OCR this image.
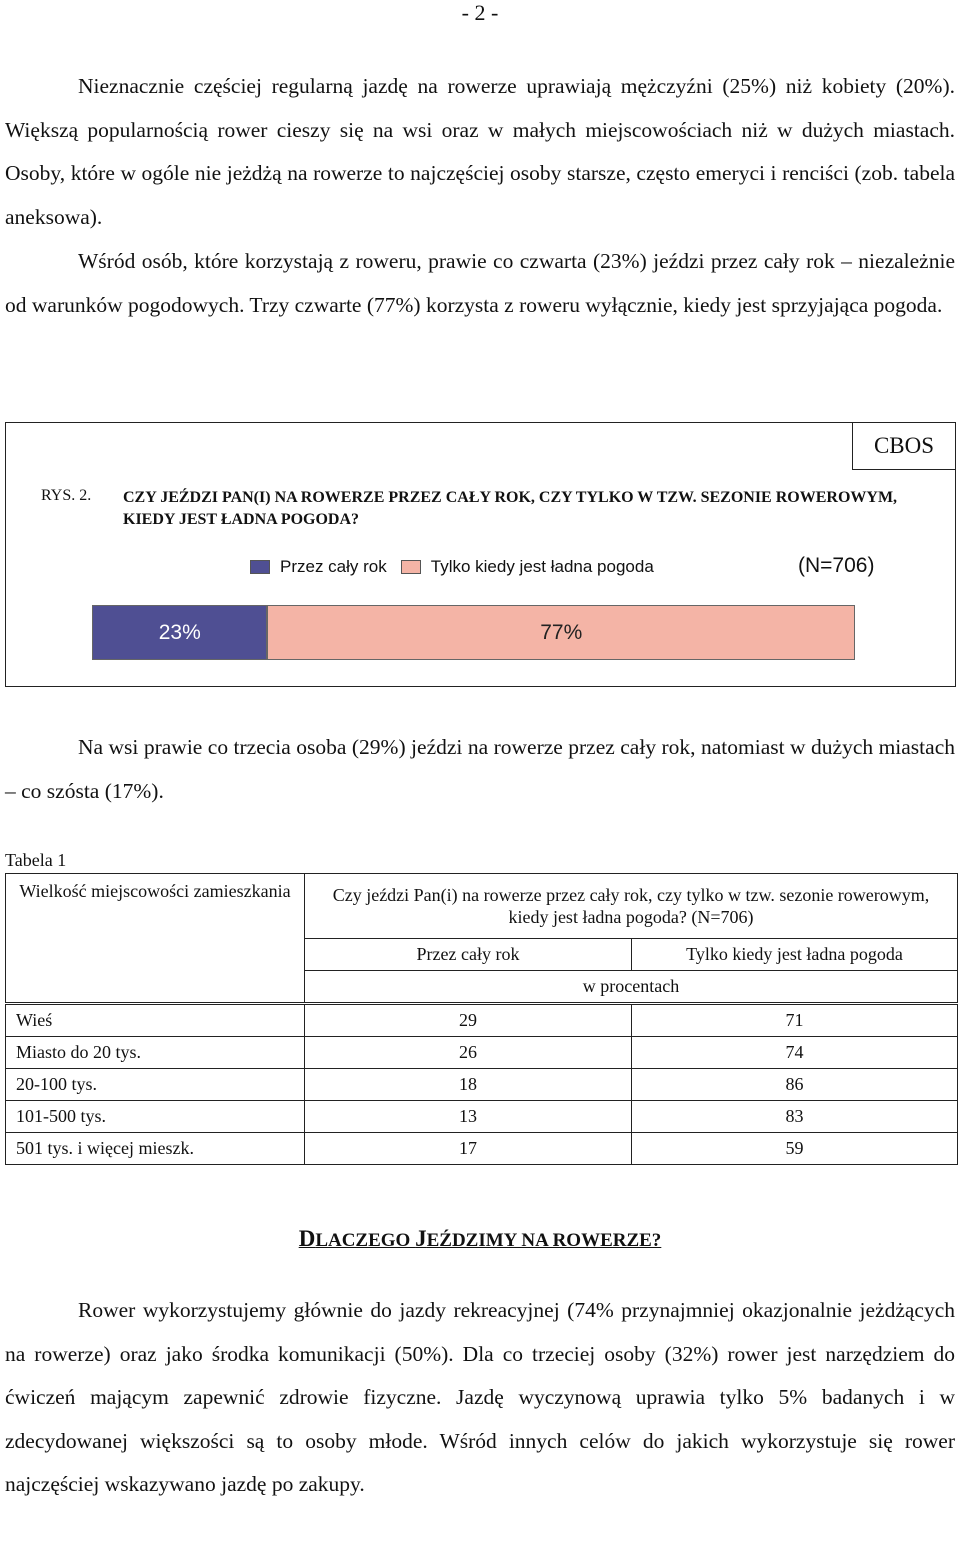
- 2 -
Nieznacznie częściej regularną jazdę na rowerze uprawiają mężczyźni (25%) niż kobiety (20%). Większą popularnością rower cieszy się na wsi oraz w małych miejscowościach niż w dużych miastach. Osoby, które w ogóle nie jeżdżą na rowerze to najczęściej osoby starsze, często emeryci i renciści (zob. tabela aneksowa).
Wśród osób, które korzystają z roweru, prawie co czwarta (23%) jeździ przez cały rok – niezależnie od warunków pogodowych. Trzy czwarte (77%) korzysta z roweru wyłącznie, kiedy jest sprzyjająca pogoda.
CBOS
RYS. 2. CZY JEŹDZI PAN(I) NA ROWERZE PRZEZ CAŁY ROK, CZY TYLKO W TZW. SEZONIE ROWEROWYM, KIEDY JEST ŁADNA POGODA?
Przez cały rok	Tylko kiedy jest ładna pogoda	(N=706)
23%	77%
Na wsi prawie co trzecia osoba (29%) jeździ na rowerze przez cały rok, natomiast w dużych miastach – co szósta (17%).
Tabela 1
Wielkość miejscowości zamieszkania	Czy jeździ Pan(i) na rowerze przez cały rok, czy tylko w tzw. sezonie rowerowym, kiedy jest ładna pogoda? (N=706)	
	Przez cały rok	Tylko kiedy jest ładna pogoda
	w procentach	
Wieś	29	71
Miasto do 20 tys.	26	74
20-100 tys.	18	86
101-500 tys.	13	83
501 tys. i więcej mieszk.	17	59
DLACZEGO JEŹDZIMY NA ROWERZE?
Rower wykorzystujemy głównie do jazdy rekreacyjnej (74% przynajmniej okazjonalnie jeżdżących na rowerze) oraz jako środka komunikacji (50%). Dla co trzeciej osoby (32%) rower jest narzędziem do ćwiczeń mającym zapewnić zdrowie fizyczne. Jazdę wyczynową uprawia tylko 5% badanych i w zdecydowanej większości są to osoby młode. Wśród innych celów do jakich wykorzystuje się rower najczęściej wskazywano jazdę po zakupy.
